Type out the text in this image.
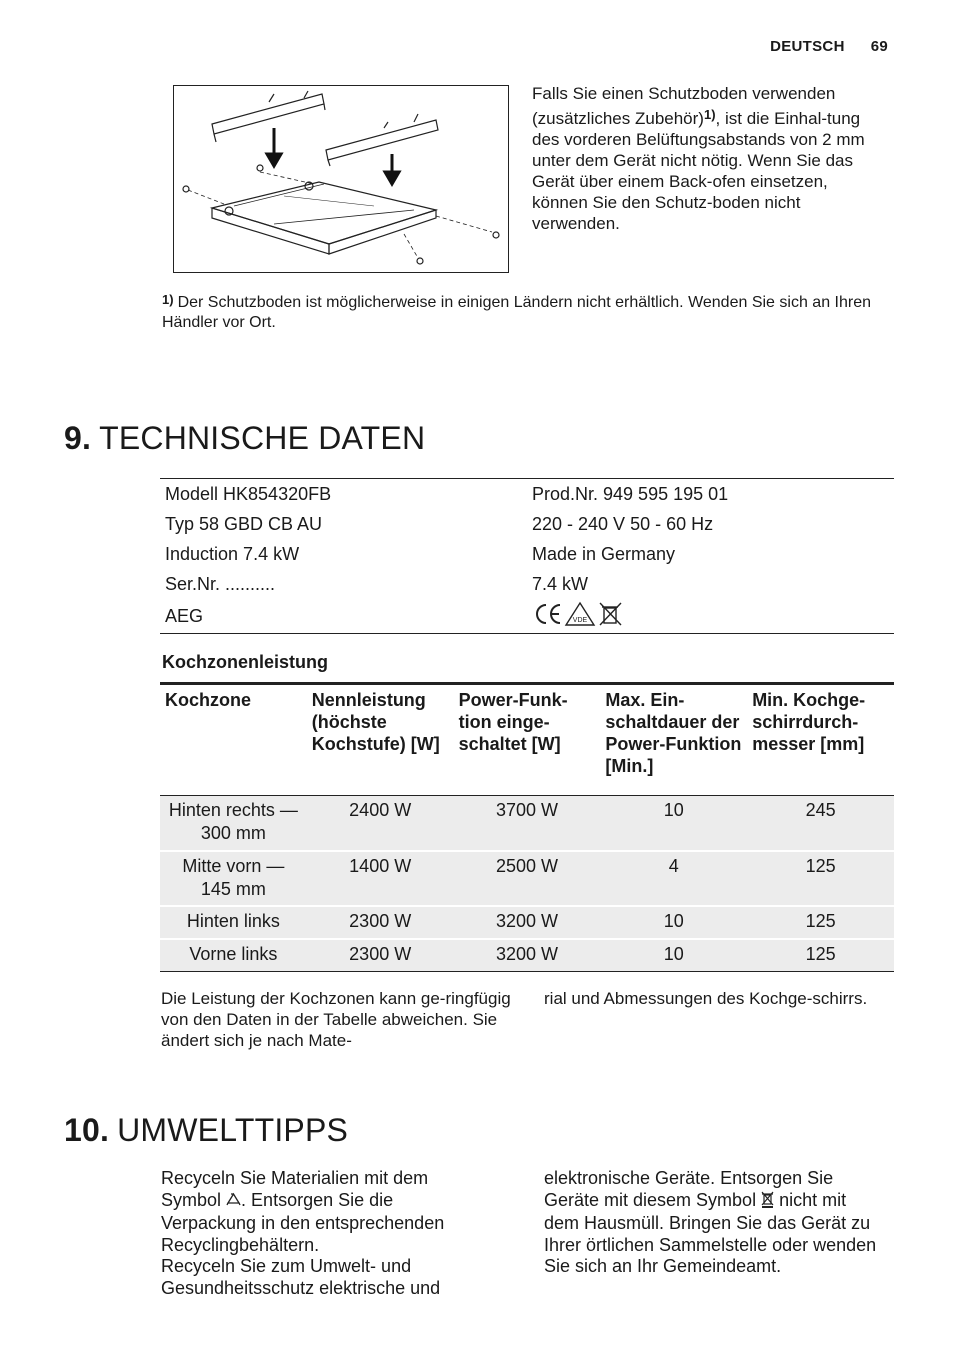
DEUTSCH 69
Falls Sie einen Schutzboden verwenden (zusätzliches Zubehör)$^{1)}$, ist die Einhal-tung des vorderen Belüftungsabstands von 2 mm unter dem Gerät nicht nötig. Wenn Sie das Gerät über einem Back-ofen einsetzen, können Sie den Schutz-boden nicht verwenden.
1) Der Schutzboden ist möglicherweise in einigen Ländern nicht erhältlich. Wenden Sie sich an Ihren Händler vor Ort.
9. TECHNISCHE DATEN
Modell HK854320FB	Prod.Nr. 949 595 195 01
Typ 58 GBD CB AU	220 - 240 V 50 - 60 Hz
Induction 7.4 kW	Made in Germany
Ser.Nr. ..........	7.4 kW
AEG	VDE
Kochzonenleistung
Kochzone	Nennleistung (höchste Kochstufe) [W]	Power-Funk-tion einge-schaltet [W]	Max. Ein-schaltdauer der Power-Funktion [Min.]	Min. Kochge-schirrdurch-messer [mm]
Hinten rechts —300 mm	2400 W	3700 W	10	245
Mitte vorn — 145 mm	1400 W	2500 W	4	125
Hinten links	2300 W	3200 W	10	125
Vorne links	2300 W	3200 W	10	125
Die Leistung der Kochzonen kann ge-ringfügig von den Daten in der Tabelle abweichen. Sie ändert sich je nach Mate-
rial und Abmessungen des Kochge-schirrs.
10. UMWELTTIPPS
Recyceln Sie Materialien mit dem Symbol . Entsorgen Sie die Verpackung in den entsprechenden Recyclingbehältern.
Recyceln Sie zum Umwelt- und Gesundheitsschutz elektrische und
elektronische Geräte. Entsorgen Sie Geräte mit diesem Symbol nicht mit dem Hausmüll. Bringen Sie das Gerät zu Ihrer örtlichen Sammelstelle oder wenden Sie sich an Ihr Gemeindeamt.
